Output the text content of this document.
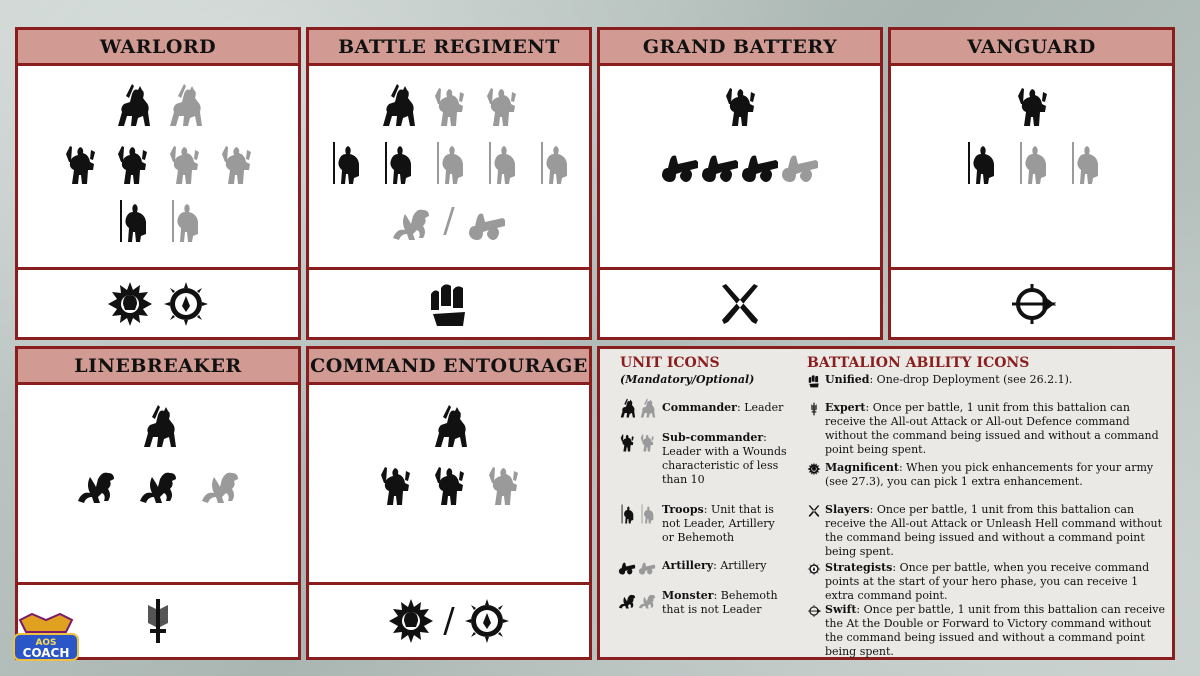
WARLORD	BATTLE REGIMENT
/
GRAND BATTERY	VANGUARD
LINEBREAKER	COMMAND ENTOURAGE
/
UNIT ICONS
(Mandatory/Optional)
Commander: Leader
Sub-commander: Leader with a Wounds characteristic of less than 10
Troops: Unit that is not Leader, Artillery or Behemoth
Artillery: Artillery
Monster: Behemoth that is not Leader
BATTALION ABILITY ICONS
Unified: One-drop Deployment (see 26.2.1).
Expert: Once per battle, 1 unit from this battalion can receive the All-out Attack or All-out Defence command without the command being issued and without a command point being spent.
Magnificent: When you pick enhancements for your army (see 27.3), you can pick 1 extra enhancement.
Slayers: Once per battle, 1 unit from this battalion can receive the All-out Attack or Unleash Hell command without the command being issued and without a command point being spent.
Strategists: Once per battle, when you receive command points at the start of your hero phase, you can receive 1 extra command point.
Swift: Once per battle, 1 unit from this battalion can receive the At the Double or Forward to Victory command without the command being issued and without a command point being spent.
AOS
COACH
